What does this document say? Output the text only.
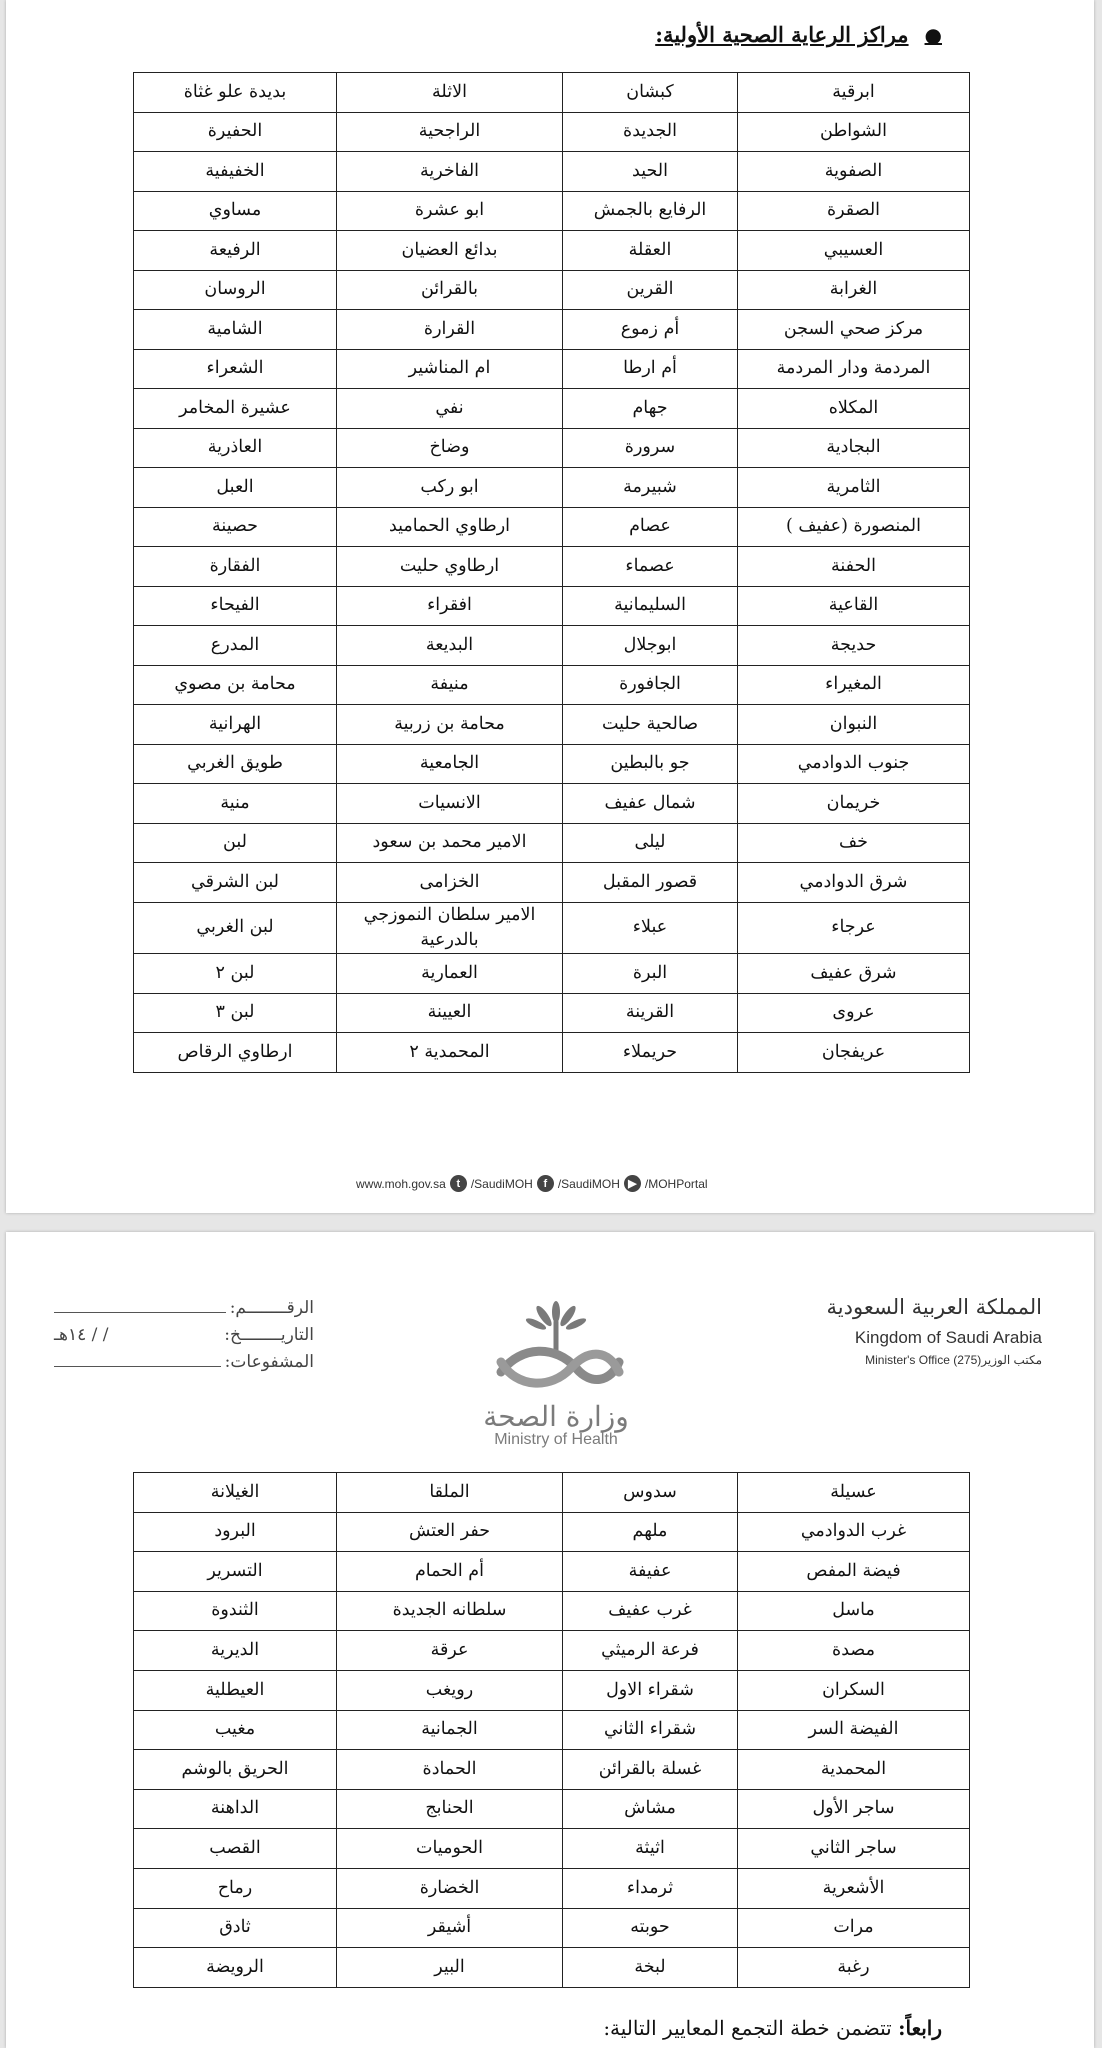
●
مراكز الرعاية الصحية الأولية:
ابرقية	كبشان	الاثلة	بديدة علو غثاة
الشواطن	الجديدة	الراجحية	الحفيرة
الصفوية	الحيد	الفاخرية	الخفيفية
الصقرة	الرفايع بالجمش	ابو عشرة	مساوي
العسيبي	العقلة	بدائع العضيان	الرفيعة
الغرابة	القرين	بالقرائن	الروسان
مركز صحي السجن	أم زموع	القرارة	الشامية
المردمة ودار المردمة	أم ارطا	ام المناشير	الشعراء
المكلاه	جهام	نفي	عشيرة المخامر
البجادية	سرورة	وضاخ	العاذرية
الثامرية	شبيرمة	ابو ركب	العبل
المنصورة (عفيف )	عصام	ارطاوي الحماميد	حصينة
الحفنة	عصماء	ارطاوي حليت	الفقارة
القاعية	السليمانية	افقراء	الفيحاء
حديجة	ابوجلال	البديعة	المدرع
المغيراء	الجافورة	منيفة	محامة بن مصوي
النبوان	صالحية حليت	محامة بن زربية	الهرانية
جنوب الدوادمي	جو بالبطين	الجامعية	طويق الغربي
خريمان	شمال عفيف	الانسيات	منية
خف	ليلى	الامير محمد بن سعود	لبن
شرق الدوادمي	قصور المقبل	الخزامى	لبن الشرقي
عرجاء	عبلاء	الامير سلطان النموزجي بالدرعية	لبن الغربي
شرق عفيف	البرة	العمارية	لبن ٢
عروى	القرينة	العيينة	لبن ٣
عريفجان	حريملاء	المحمدية ٢	ارطاوي الرقاص
www.moh.gov.sa t /SaudiMOH f /SaudiMOH ▶ /MOHPortal
المملكة العربية السعودية
Kingdom of Saudi Arabia
مكتب الوزير(275) Minister's Office
وزارة الصحة
Ministry of Health
الرقــــــــم:
التاريــــــــخ:
/ / ١٤هـ
المشفوعات:
عسيلة	سدوس	الملقا	الغيلانة
غرب الدوادمي	ملهم	حفر العتش	البرود
فيضة المفص	عفيفة	أم الحمام	التسرير
ماسل	غرب عفيف	سلطانه الجديدة	الثندوة
مصدة	فرعة الرميثي	عرقة	الديرية
السكران	شقراء الاول	رويغب	العيطلية
الفيضة السر	شقراء الثاني	الجمانية	مغيب
المحمدية	غسلة بالقرائن	الحمادة	الحريق بالوشم
ساجر الأول	مشاش	الحنابج	الداهنة
ساجر الثاني	اثيثة	الحوميات	القصب
الأشعرية	ثرمداء	الخضارة	رماح
مرات	حوبته	أشيقر	ثادق
رغبة	لبخة	البير	الرويضة
رابعاً: تتضمن خطة التجمع المعايير التالية:
